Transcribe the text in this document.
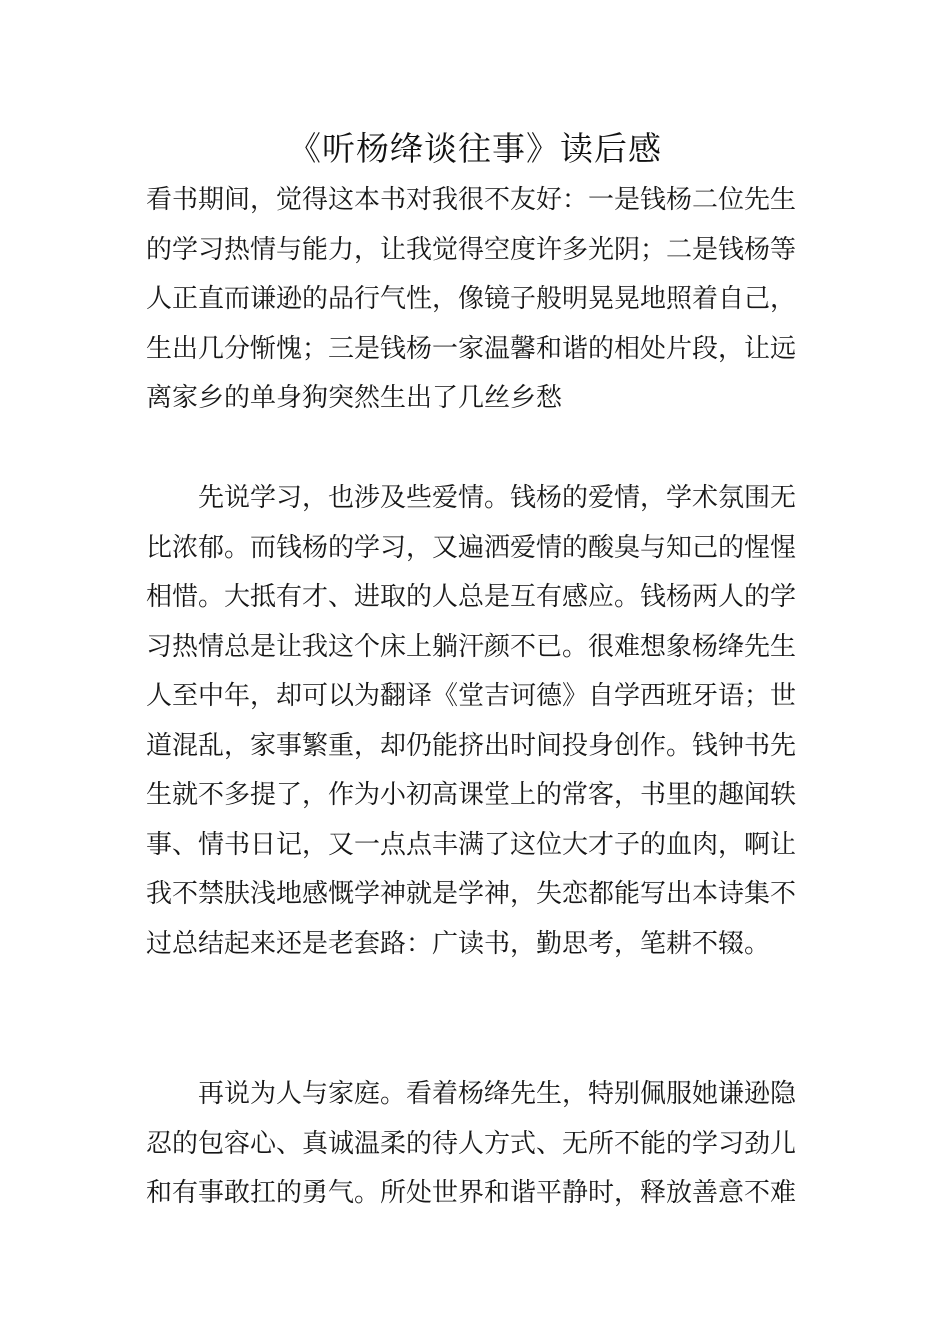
《听杨绛谈往事》读后感
看书期间，觉得这本书对我很不友好：一是钱杨二位先生
的学习热情与能力，让我觉得空度许多光阴；二是钱杨等
人正直而谦逊的品行气性，像镜子般明晃晃地照着自己，
生出几分惭愧；三是钱杨一家温馨和谐的相处片段，让远
离家乡的单身狗突然生出了几丝乡愁
　　先说学习，也涉及些爱情。钱杨的爱情，学术氛围无
比浓郁。而钱杨的学习，又遍洒爱情的酸臭与知己的惺惺
相惜。大抵有才、进取的人总是互有感应。钱杨两人的学
习热情总是让我这个床上躺汗颜不已。很难想象杨绛先生
人至中年，却可以为翻译《堂吉诃德》自学西班牙语；世
道混乱，家事繁重，却仍能挤出时间投身创作。钱钟书先
生就不多提了，作为小初高课堂上的常客，书里的趣闻轶
事、情书日记，又一点点丰满了这位大才子的血肉，啊让
我不禁肤浅地感慨学神就是学神，失恋都能写出本诗集不
过总结起来还是老套路：广读书，勤思考，笔耕不辍。
　　再说为人与家庭。看着杨绛先生，特别佩服她谦逊隐
忍的包容心、真诚温柔的待人方式、无所不能的学习劲儿
和有事敢扛的勇气。所处世界和谐平静时，释放善意不难
